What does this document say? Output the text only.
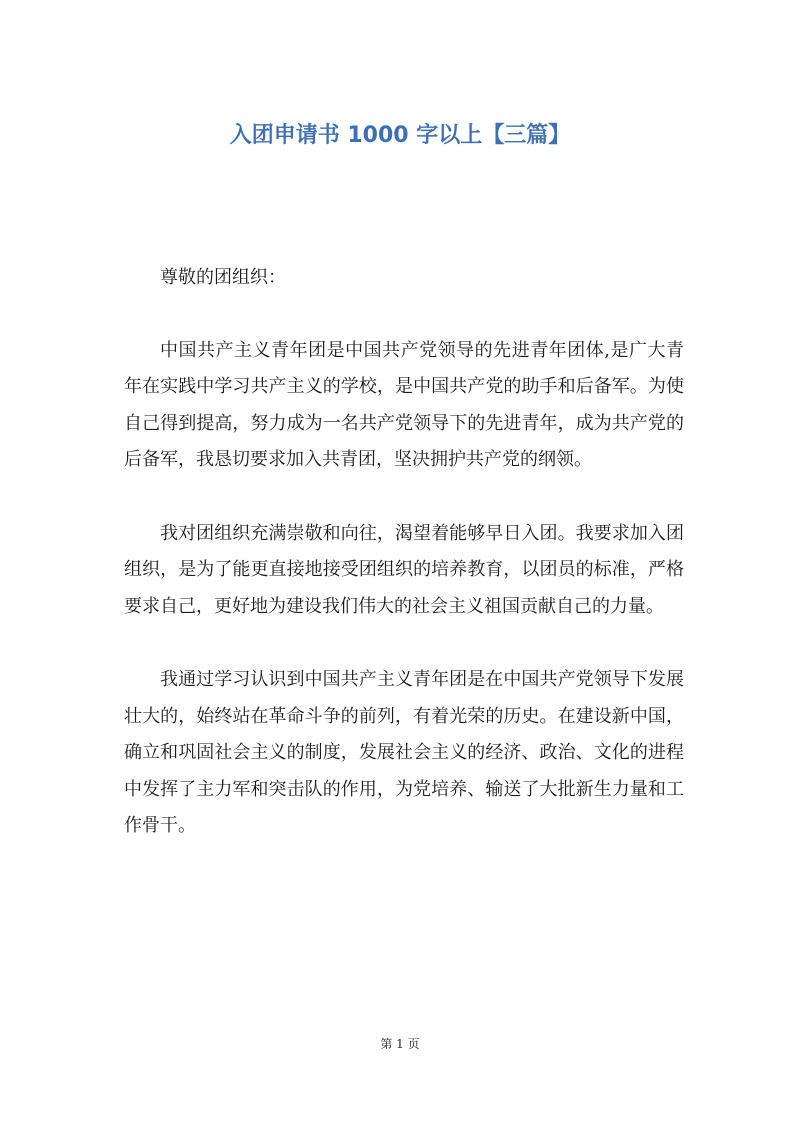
入团申请书 1000 字以上【三篇】

尊敬的团组织：

中国共产主义青年团是中国共产党领导的先进青年团体,是广大青年在实践中学习共产主义的学校，是中国共产党的助手和后备军。为使自己得到提高，努力成为一名共产党领导下的先进青年，成为共产党的后备军，我恳切要求加入共青团，坚决拥护共产党的纲领。

我对团组织充满崇敬和向往，渴望着能够早日入团。我要求加入团组织，是为了能更直接地接受团组织的培养教育，以团员的标准，严格要求自己，更好地为建设我们伟大的社会主义祖国贡献自己的力量。

我通过学习认识到中国共产主义青年团是在中国共产党领导下发展壮大的，始终站在革命斗争的前列，有着光荣的历史。在建设新中国，确立和巩固社会主义的制度，发展社会主义的经济、政治、文化的进程中发挥了主力军和突击队的作用，为党培养、输送了大批新生力量和工作骨干。

第 1 页
